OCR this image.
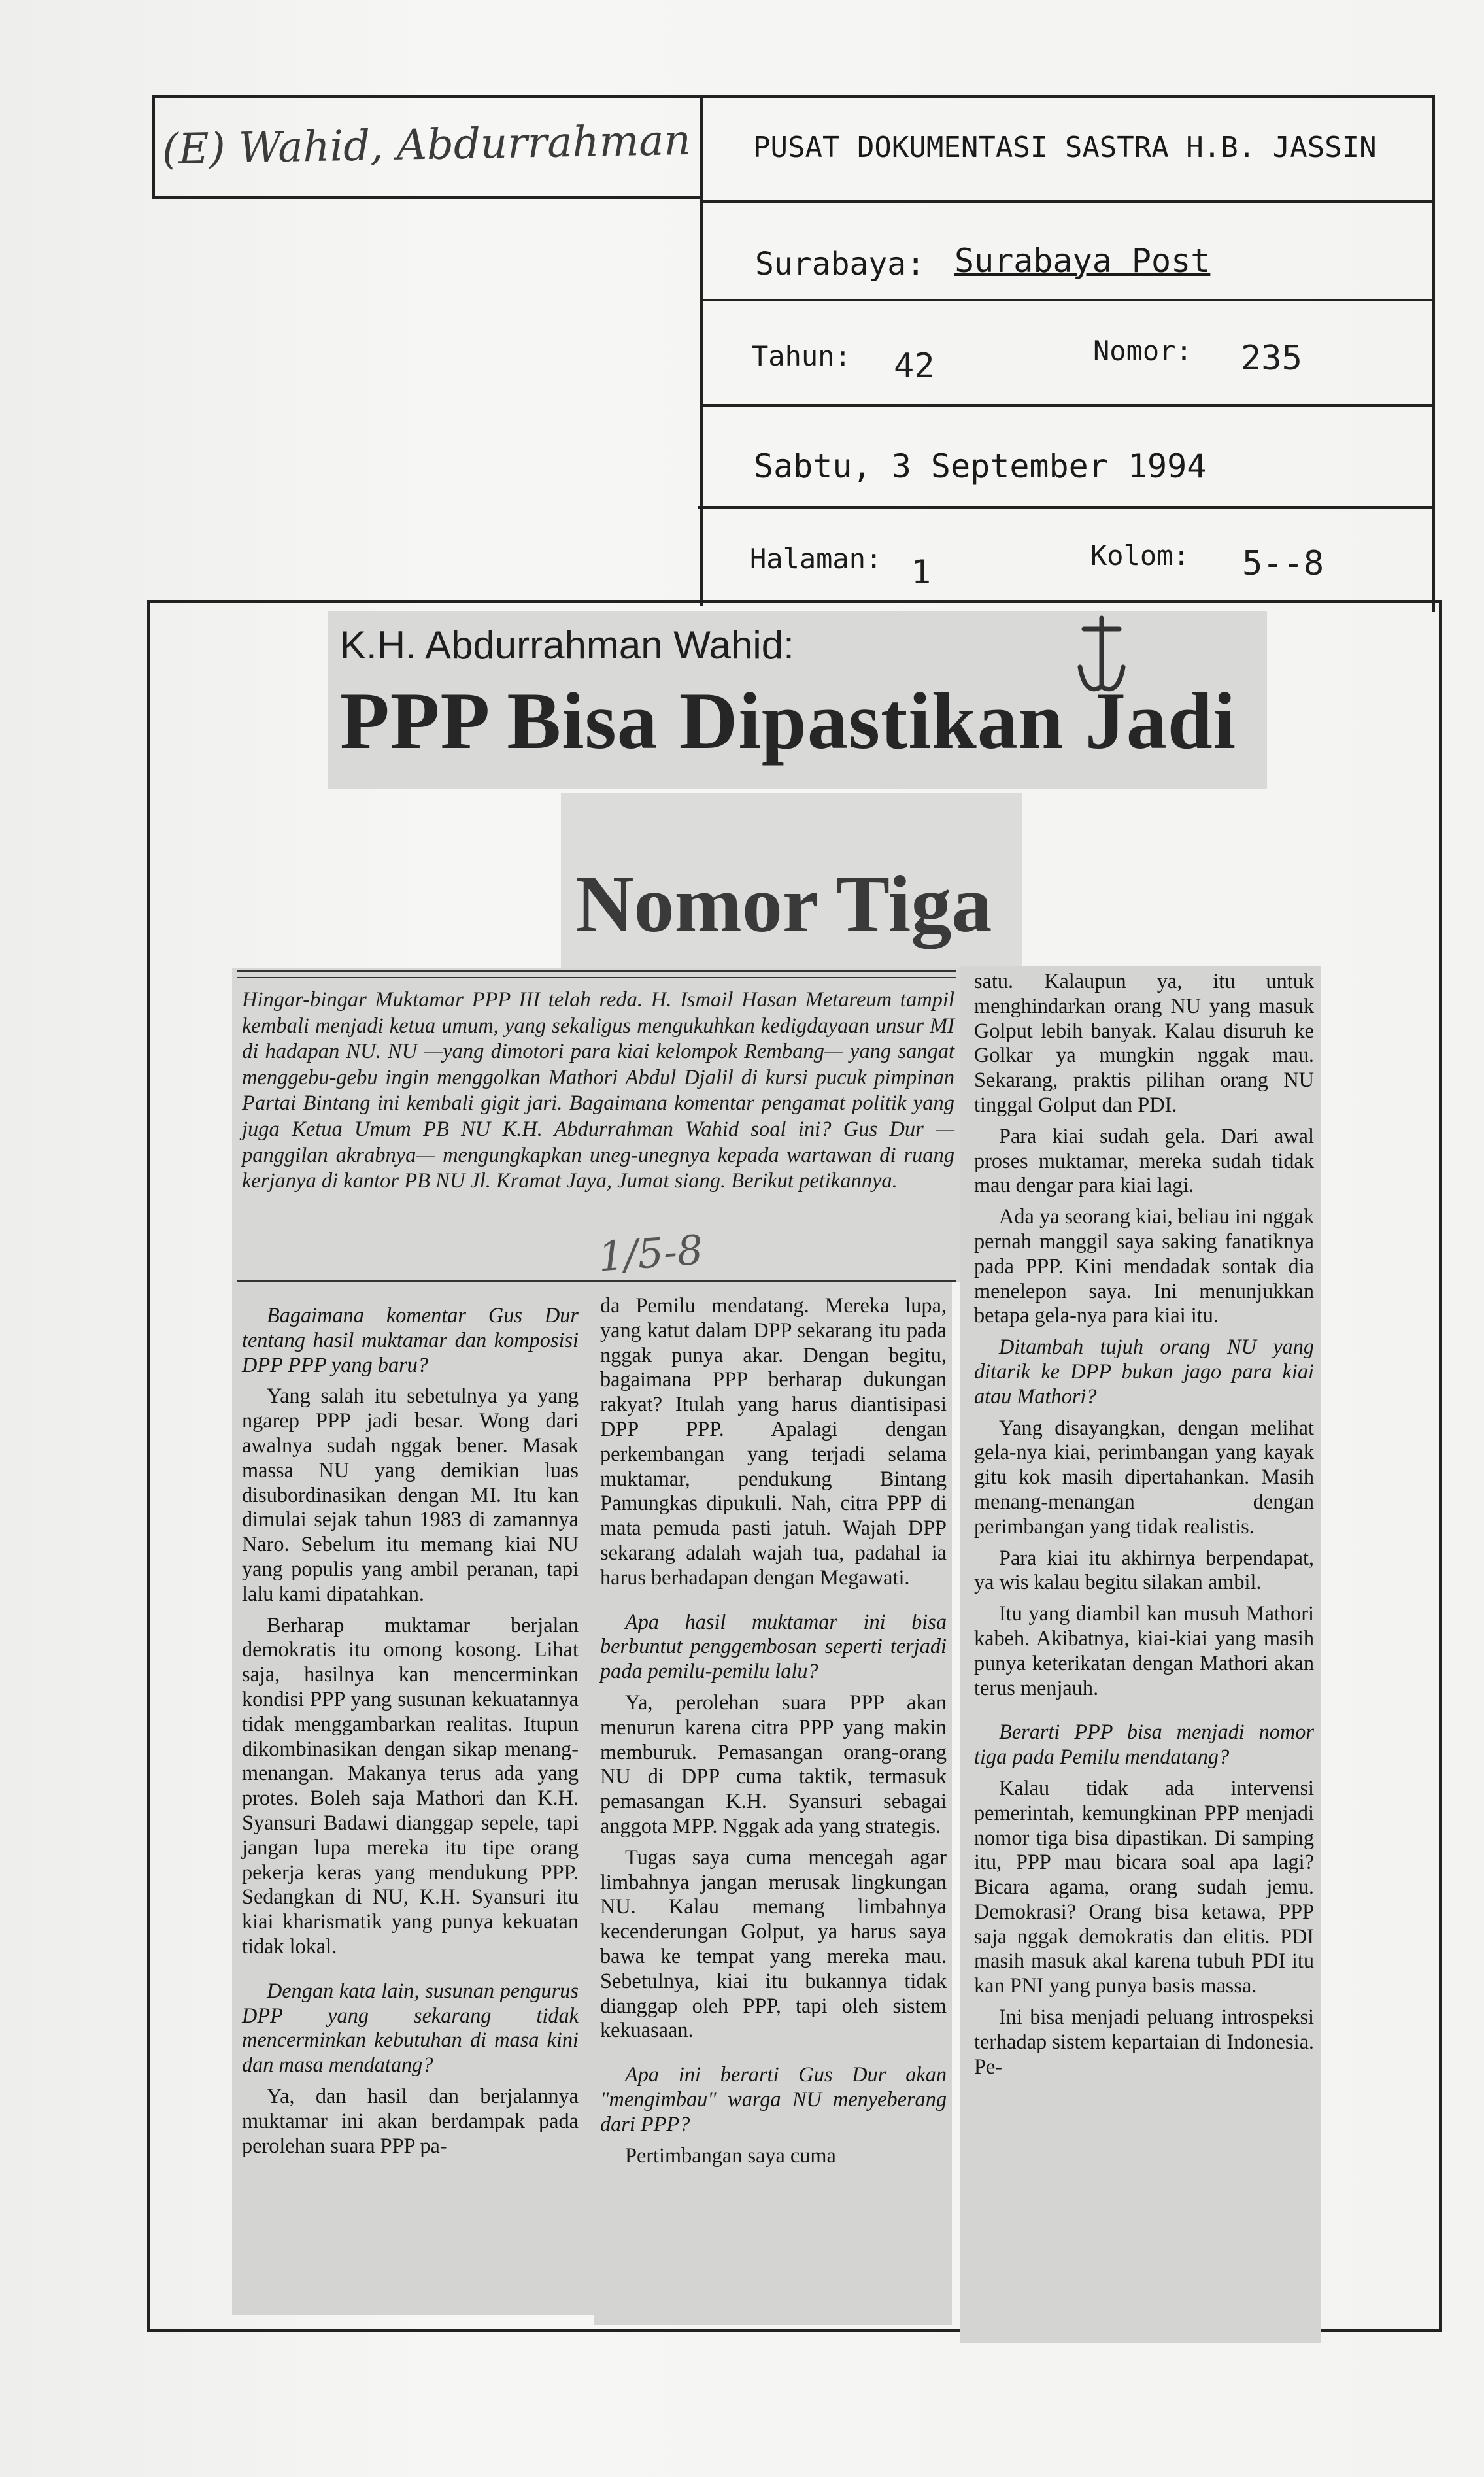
(E) Wahid, Abdurrahman PUSAT DOKUMENTASI SASTRA H.B. JASSIN
Surabaya: Surabaya Post
Tahun: 42	Nomor: 235
Sabtu, 3 September 1994
Halaman: 1	Kolom: 5--8
K.H. Abdurrahman Wahid:
PPP Bisa Dipastikan Jadi
Nomor Tiga
Hingar-bingar Muktamar PPP III telah reda. H. Ismail Hasan Metareum tampil kembali menjadi ketua umum, yang sekaligus mengukuhkan kedigdayaan unsur MI di hadapan NU. NU —yang dimotori para kiai kelompok Rembang— yang sangat menggebu-gebu ingin menggolkan Mathori Abdul Djalil di kursi pucuk pimpinan Partai Bintang ini kembali gigit jari. Bagaimana komentar pengamat politik yang juga Ketua Umum PB NU K.H. Abdurrahman Wahid soal ini? Gus Dur —panggilan akrabnya— mengungkapkan uneg-unegnya kepada wartawan di ruang kerjanya di kantor PB NU Jl. Kramat Jaya, Jumat siang. Berikut petikannya.
1/5-8

Bagaimana komentar Gus Dur tentang hasil muktamar dan komposisi DPP PPP yang baru?

Yang salah itu sebetulnya ya yang ngarep PPP jadi besar. Wong dari awalnya sudah nggak bener. Masak massa NU yang demikian luas disubordinasikan dengan MI. Itu kan dimulai sejak tahun 1983 di zamannya Naro. Sebelum itu memang kiai NU yang populis yang ambil peranan, tapi lalu kami dipatahkan.

Berharap muktamar berjalan demokratis itu omong kosong. Lihat saja, hasilnya kan mencerminkan kondisi PPP yang susunan kekuatannya tidak menggambarkan realitas. Itupun dikombinasikan dengan sikap menang-menangan. Makanya terus ada yang protes. Boleh saja Mathori dan K.H. Syansuri Badawi dianggap sepele, tapi jangan lupa mereka itu tipe orang pekerja keras yang mendukung PPP. Sedangkan di NU, K.H. Syansuri itu kiai kharismatik yang punya kekuatan tidak lokal.

Dengan kata lain, susunan pengurus DPP yang sekarang tidak mencerminkan kebutuhan di masa kini dan masa mendatang?

Ya, dan hasil dan berjalannya muktamar ini akan berdampak pada perolehan suara PPP pa-

da Pemilu mendatang. Mereka lupa, yang katut dalam DPP sekarang itu pada nggak punya akar. Dengan begitu, bagaimana PPP berharap dukungan rakyat? Itulah yang harus diantisipasi DPP PPP. Apalagi dengan perkembangan yang terjadi selama muktamar, pendukung Bintang Pamungkas dipukuli. Nah, citra PPP di mata pemuda pasti jatuh. Wajah DPP sekarang adalah wajah tua, padahal ia harus berhadapan dengan Megawati.

Apa hasil muktamar ini bisa berbuntut penggembosan seperti terjadi pada pemilu-pemilu lalu?

Ya, perolehan suara PPP akan menurun karena citra PPP yang makin memburuk. Pemasangan orang-orang NU di DPP cuma taktik, termasuk pemasangan K.H. Syansuri sebagai anggota MPP. Nggak ada yang strategis.

Tugas saya cuma mencegah agar limbahnya jangan merusak lingkungan NU. Kalau memang limbahnya kecenderungan Golput, ya harus saya bawa ke tempat yang mereka mau. Sebetulnya, kiai itu bukannya tidak dianggap oleh PPP, tapi oleh sistem kekuasaan.

Apa ini berarti Gus Dur akan "mengimbau" warga NU menyeberang dari PPP?

Pertimbangan saya cuma

satu. Kalaupun ya, itu untuk menghindarkan orang NU yang masuk Golput lebih banyak. Kalau disuruh ke Golkar ya mungkin nggak mau. Sekarang, praktis pilihan orang NU tinggal Golput dan PDI.

Para kiai sudah gela. Dari awal proses muktamar, mereka sudah tidak mau dengar para kiai lagi.

Ada ya seorang kiai, beliau ini nggak pernah manggil saya saking fanatiknya pada PPP. Kini mendadak sontak dia menelepon saya. Ini menunjukkan betapa gela-nya para kiai itu.

Ditambah tujuh orang NU yang ditarik ke DPP bukan jago para kiai atau Mathori?

Yang disayangkan, dengan melihat gela-nya kiai, perimbangan yang kayak gitu kok masih dipertahankan. Masih menang-menangan dengan perimbangan yang tidak realistis.

Para kiai itu akhirnya berpendapat, ya wis kalau begitu silakan ambil.

Itu yang diambil kan musuh Mathori kabeh. Akibatnya, kiai-kiai yang masih punya keterikatan dengan Mathori akan terus menjauh.

Berarti PPP bisa menjadi nomor tiga pada Pemilu mendatang?

Kalau tidak ada intervensi pemerintah, kemungkinan PPP menjadi nomor tiga bisa dipastikan. Di samping itu, PPP mau bicara soal apa lagi? Bicara agama, orang sudah jemu. Demokrasi? Orang bisa ketawa, PPP saja nggak demokratis dan elitis. PDI masih masuk akal karena tubuh PDI itu kan PNI yang punya basis massa.

Ini bisa menjadi peluang introspeksi terhadap sistem kepartaian di Indonesia. Pe-
